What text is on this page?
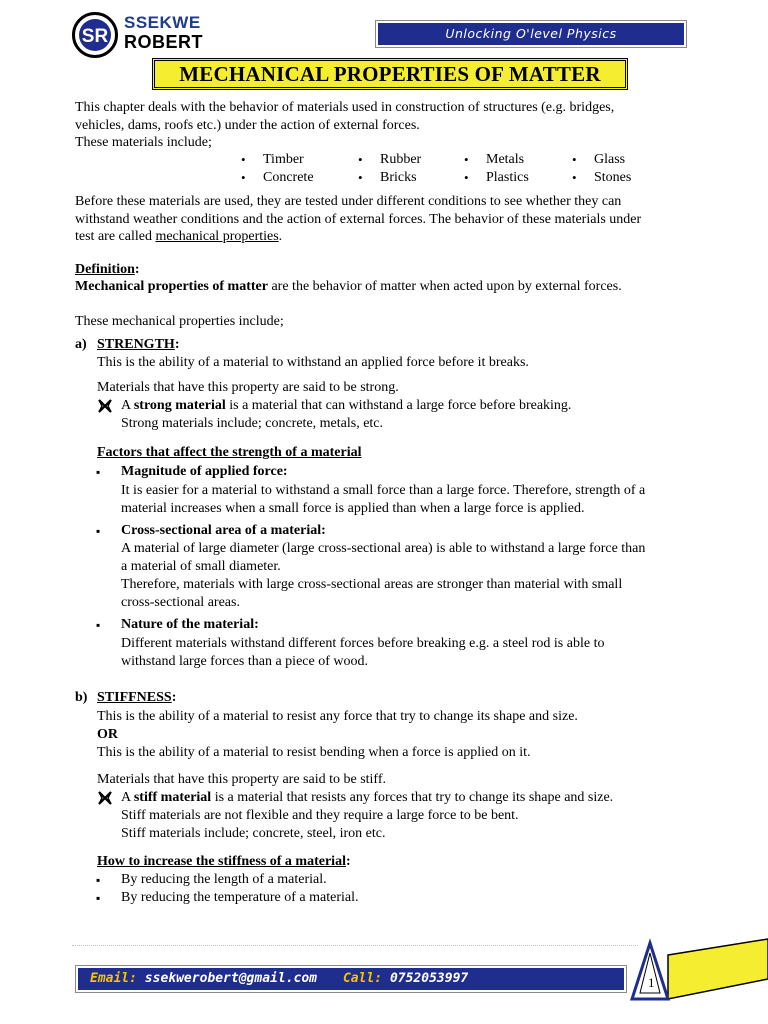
SR
SSEKWE
ROBERT	Unlocking O'level Physics
MECHANICAL PROPERTIES OF MATTER
This chapter deals with the behavior of materials used in construction of structures (e.g. bridges,
vehicles, dams, roofs etc.) under the action of external forces.
These materials include;
• Timber
• Concrete
• Rubber
• Bricks
• Metals
• Plastics
• Glass
• Stones
Before these materials are used, they are tested under different conditions to see whether they can
withstand weather conditions and the action of external forces. The behavior of these materials under
test are called mechanical properties.
Definition:
Mechanical properties of matter are the behavior of matter when acted upon by external forces.
These mechanical properties include;
a) STRENGTH:
This is the ability of a material to withstand an applied force before it breaks.
Materials that have this property are said to be strong.
A strong material is a material that can withstand a large force before breaking.
Strong materials include; concrete, metals, etc.
Factors that affect the strength of a material
▪ Magnitude of applied force:
It is easier for a material to withstand a small force than a large force. Therefore, strength of a
material increases when a small force is applied than when a large force is applied.
▪ Cross-sectional area of a material:
A material of large diameter (large cross-sectional area) is able to withstand a large force than
a material of small diameter.
Therefore, materials with large cross-sectional areas are stronger than material with small
cross-sectional areas.
▪ Nature of the material:
Different materials withstand different forces before breaking e.g. a steel rod is able to
withstand large forces than a piece of wood.
b) STIFFNESS:
This is the ability of a material to resist any force that try to change its shape and size.
OR
This is the ability of a material to resist bending when a force is applied on it.
Materials that have this property are said to be stiff.
A stiff material is a material that resists any forces that try to change its shape and size.
Stiff materials are not flexible and they require a large force to be bent.
Stiff materials include; concrete, steel, iron etc.
How to increase the stiffness of a material:
▪ By reducing the length of a material.
▪ By reducing the temperature of a material.
Email: ssekwerobert@gmail.com Call: 0752053997	1
